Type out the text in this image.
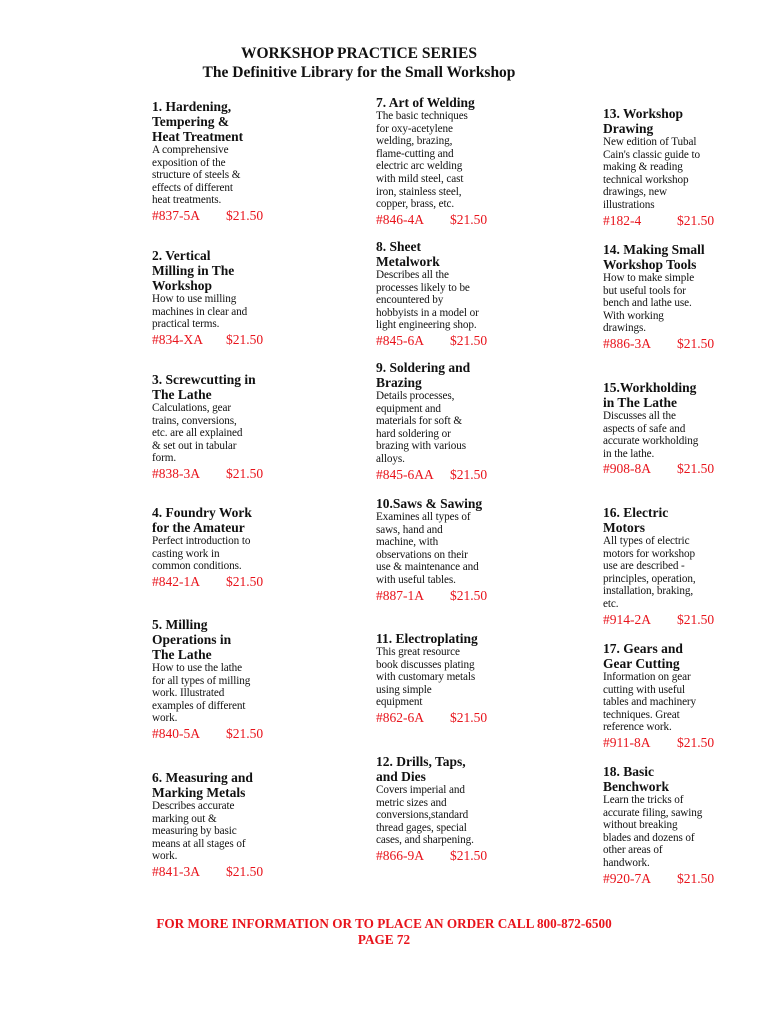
WORKSHOP PRACTICE SERIES
The Definitive Library for the Small Workshop
1. Hardening,
Tempering &
Heat Treatment
A comprehensive
exposition of the
structure of steels &
effects of different
heat treatments.
#837-5A $21.50
2. Vertical
Milling in The
Workshop
How to use milling
machines in clear and
practical terms.
#834-XA $21.50
3. Screwcutting in
The Lathe
Calculations, gear
trains, conversions,
etc. are all explained
& set out in tabular
form.
#838-3A $21.50
4. Foundry Work
for the Amateur
Perfect introduction to
casting work in
common conditions.
#842-1A $21.50
5. Milling
Operations in
The Lathe
How to use the lathe
for all types of milling
work. Illustrated
examples of different
work.
#840-5A $21.50
6. Measuring and
Marking Metals
Describes accurate
marking out &
measuring by basic
means at all stages of
work.
#841-3A $21.50
7. Art of Welding
The basic techniques
for oxy-acetylene
welding, brazing,
flame-cutting and
electric arc welding
with mild steel, cast
iron, stainless steel,
copper, brass, etc.
#846-4A $21.50
8. Sheet
Metalwork
Describes all the
processes likely to be
encountered by
hobbyists in a model or
light engineering shop.
#845-6A $21.50
9. Soldering and
Brazing
Details processes,
equipment and
materials for soft &
hard soldering or
brazing with various
alloys.
#845-6AA $21.50
10.Saws & Sawing
Examines all types of
saws, hand and
machine, with
observations on their
use & maintenance and
with useful tables.
#887-1A $21.50
11. Electroplating
This great resource
book discusses plating
with customary metals
using simple
equipment
#862-6A $21.50
12. Drills, Taps,
and Dies
Covers imperial and
metric sizes and
conversions,standard
thread gages, special
cases, and sharpening.
#866-9A $21.50
13. Workshop
Drawing
New edition of Tubal
Cain's classic guide to
making & reading
technical workshop
drawings, new
illustrations
#182-4	$21.50
14. Making Small
Workshop Tools
How to make simple
but useful tools for
bench and lathe use.
With working
drawings.
#886-3A $21.50
15.Workholding
in The Lathe
Discusses all the
aspects of safe and
accurate workholding
in the lathe.
#908-8A $21.50
16. Electric
Motors
All types of electric
motors for workshop
use are described -
principles, operation,
installation, braking,
etc.
#914-2A $21.50
17. Gears and
Gear Cutting
Information on gear
cutting with useful
tables and machinery
techniques. Great
reference work.
#911-8A $21.50
18. Basic
Benchwork
Learn the tricks of
accurate filing, sawing
without breaking
blades and dozens of
other areas of
handwork.
#920-7A $21.50
FOR MORE INFORMATION OR TO PLACE AN ORDER CALL 800-872-6500
PAGE 72
